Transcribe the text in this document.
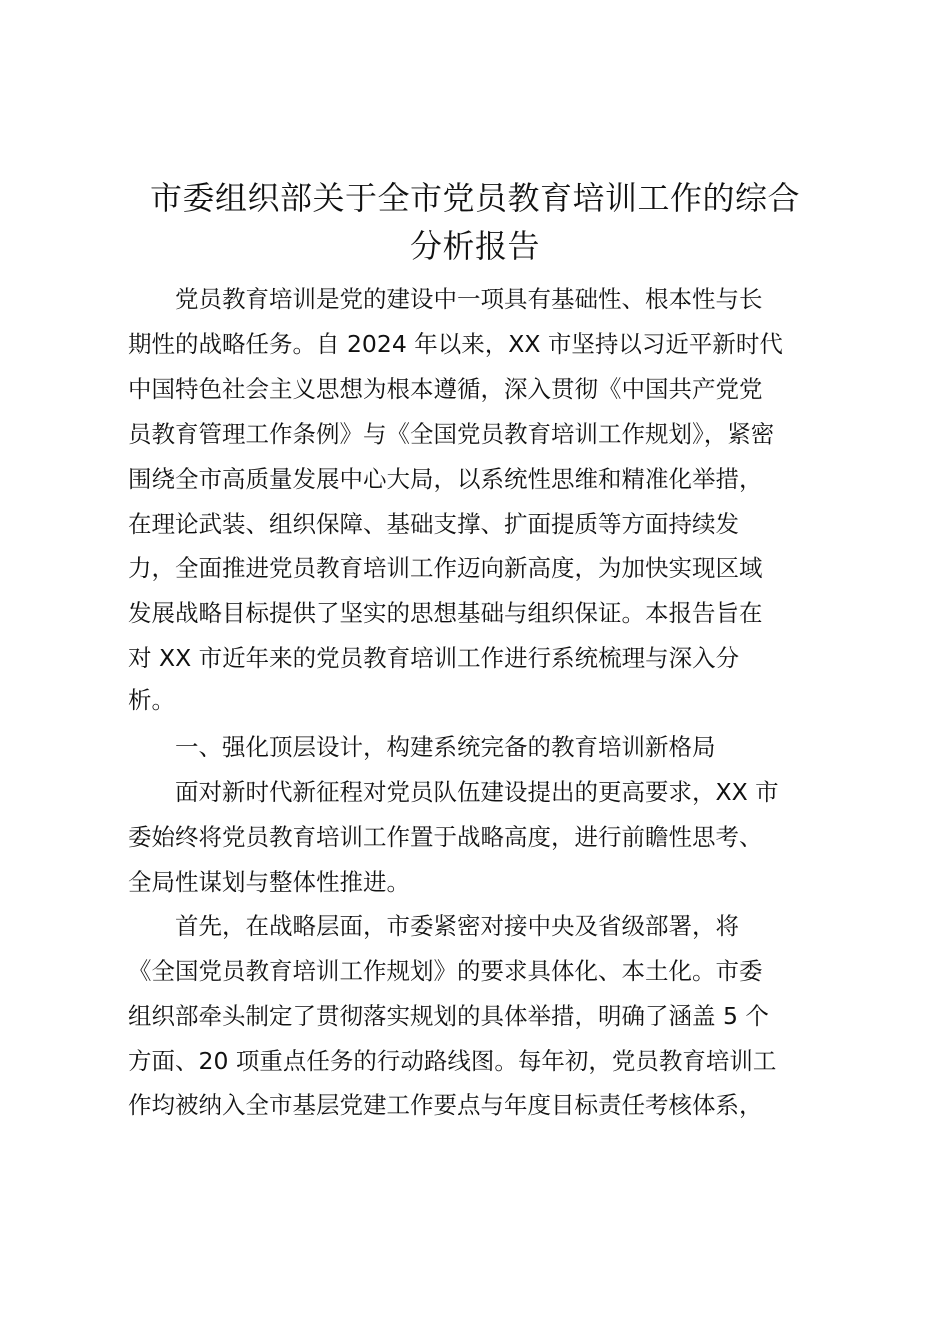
市委组织部关于全市党员教育培训工作的综合
分析报告

　　党员教育培训是党的建设中一项具有基础性、根本性与长

期性的战略任务。自 2024 年以来，XX 市坚持以习近平新时代

中国特色社会主义思想为根本遵循，深入贯彻《中国共产党党

员教育管理工作条例》与《全国党员教育培训工作规划》，紧密

围绕全市高质量发展中心大局，以系统性思维和精准化举措，

在理论武装、组织保障、基础支撑、扩面提质等方面持续发

力，全面推进党员教育培训工作迈向新高度，为加快实现区域

发展战略目标提供了坚实的思想基础与组织保证。本报告旨在

对 XX 市近年来的党员教育培训工作进行系统梳理与深入分

析。

　　一、强化顶层设计，构建系统完备的教育培训新格局

　　面对新时代新征程对党员队伍建设提出的更高要求，XX 市

委始终将党员教育培训工作置于战略高度，进行前瞻性思考、

全局性谋划与整体性推进。

　　首先，在战略层面，市委紧密对接中央及省级部署，将

《全国党员教育培训工作规划》的要求具体化、本土化。市委

组织部牵头制定了贯彻落实规划的具体举措，明确了涵盖 5 个

方面、20 项重点任务的行动路线图。每年初，党员教育培训工

作均被纳入全市基层党建工作要点与年度目标责任考核体系，
